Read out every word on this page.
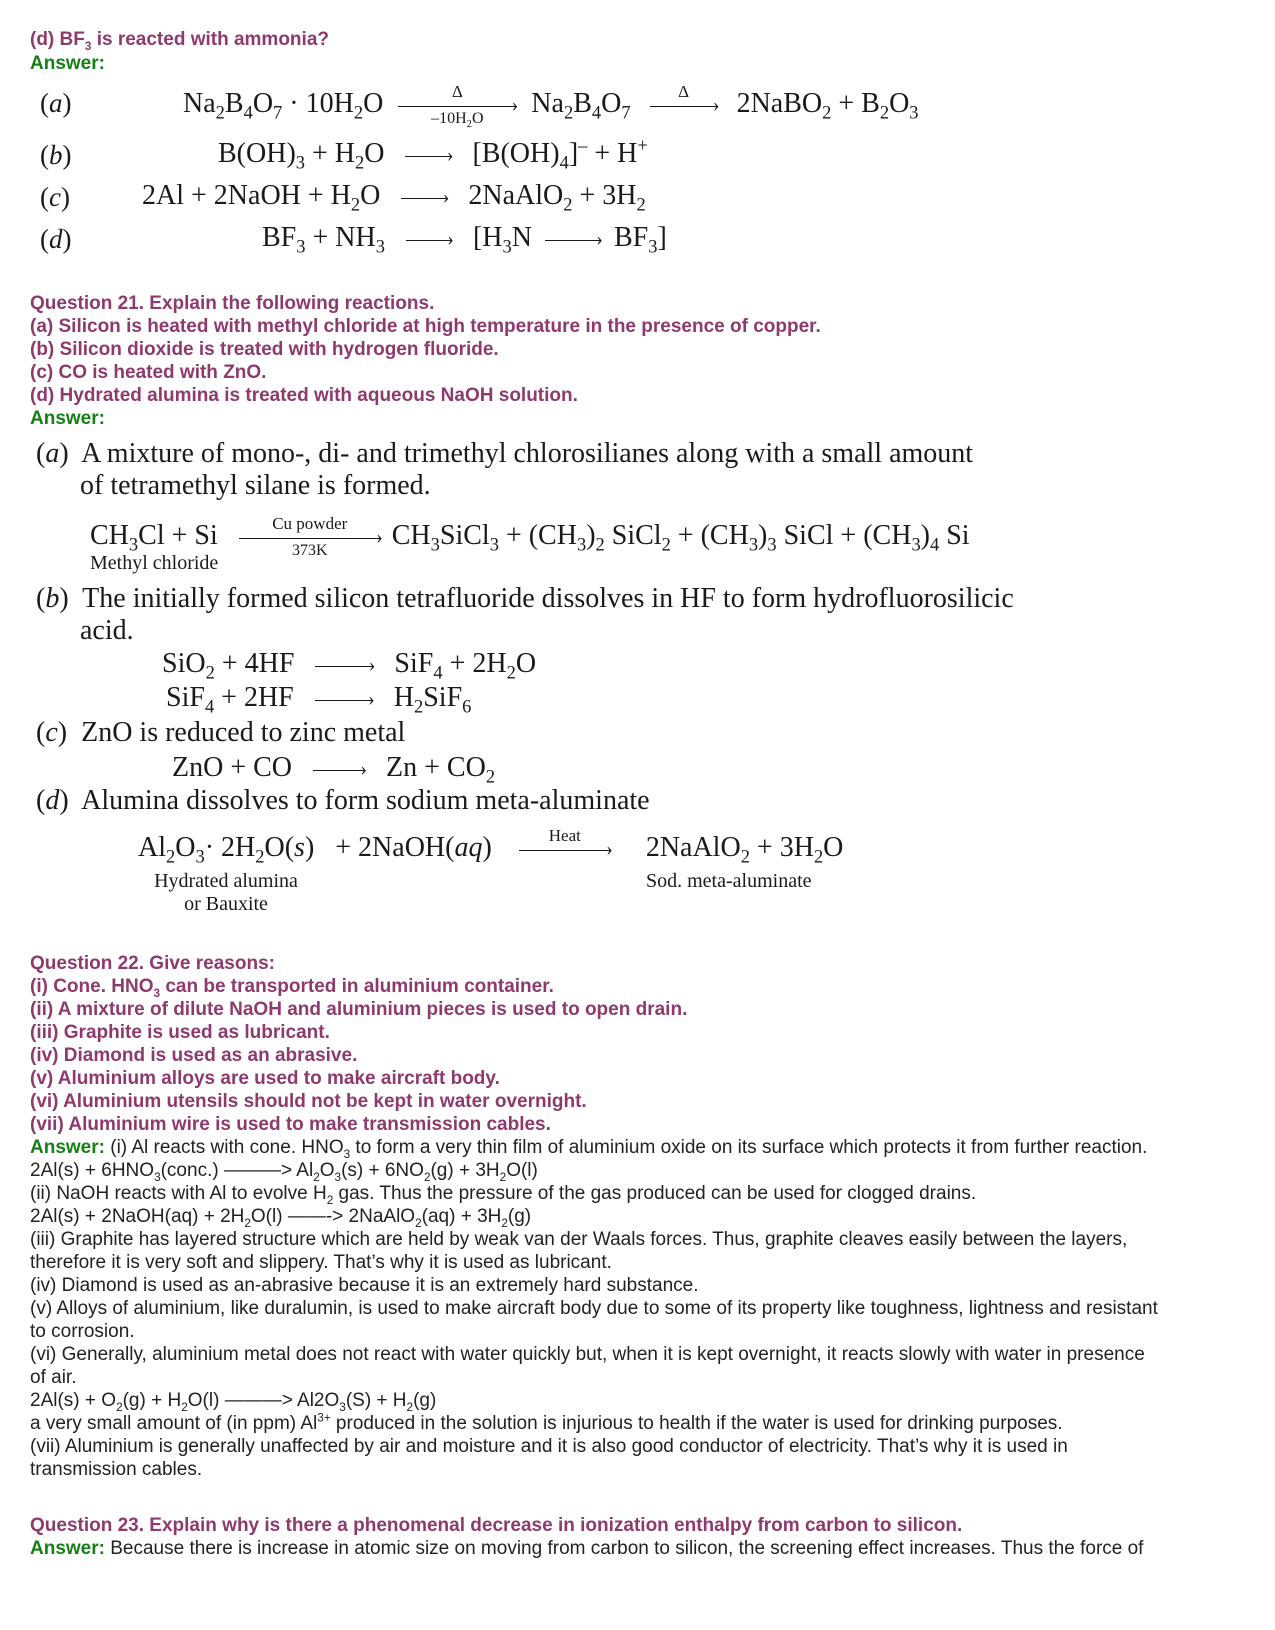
(d) $BF_3$ is reacted with ammonia?
Answer:
(a)	$Na_2B_4O_7 \cdot 10H_2O$	Δ
›
$-10H_2O$	$Na_2B_4O_7$
Δ
› 2NaBO$_2$ + $B_2O_3$
(b)	$B(OH)_3 + H_2O$	› $[B(OH)_4]^- + H^+$
(c)	2Al + 2NaOH + $H_2O$	› 2NaAlO$_2$ + $3H_2$
(d)	$BF_3 + NH_3$	› [$H_3N$	› $BF_3$]
Question 21. Explain the following reactions.
(a) Silicon is heated with methyl chloride at high temperature in the presence of copper.
(b) Silicon dioxide is treated with hydrogen fluoride.
(c) CO is heated with ZnO.
(d) Hydrated alumina is treated with aqueous NaOH solution.
Answer:
(a)  A mixture of mono-, di- and trimethyl chlorosilianes along with a small amount
of tetramethyl silane is formed.
$CH_3Cl + Si$	Cu powder
›
373K	$CH_3SiCl_3 + (CH_3)_2$ SiCl$_2$ + $(CH_3)_3$ SiCl + $(CH_3)_4$ Si
Methyl chloride
(b)  The initially formed silicon tetrafluoride dissolves in HF to form hydrofluorosilicic
acid.
SiO$_2$ + 4HF	› $SiF_4 + 2H_2O$
SiF$_4$ + 2HF	› $H_2SiF_6$
(c)  ZnO is reduced to zinc metal
ZnO + CO	› $Zn + CO_2$
(d)  Alumina dissolves to form sodium meta-aluminate
$Al_2O_3\cdot 2H_2O(s)$ + 2NaOH(aq)	Heat
› 2NaAlO$_2$ + $3H_2O$
Hydrated alumina
or Bauxite
Sod. meta-aluminate
Question 22. Give reasons:
(i) Cone. $HNO_3$ can be transported in aluminium container.
(ii) A mixture of dilute NaOH and aluminium pieces is used to open drain.
(iii) Graphite is used as lubricant.
(iv) Diamond is used as an abrasive.
(v) Aluminium alloys are used to make aircraft body.
(vi) Aluminium utensils should not be kept in water overnight.
(vii) Aluminium wire is used to make transmission cables.
Answer: (i) Al reacts with cone. $HNO_3$ to form a very thin film of aluminium oxide on its surface which protects it from further reaction.
$2Al(s) + 6HNO_3(conc.)$ ———> $Al_2O_3(s) + 6NO_2(g) + 3H_2O(l)$
(ii) NaOH reacts with Al to evolve $H_2$ gas. Thus the pressure of the gas produced can be used for clogged drains.
2Al(s) + 2NaOH(aq) + $2H_2O(l)$ ——-> 2NaAlO$_2$(aq) + $3H_2(g)$
(iii) Graphite has layered structure which are held by weak van der Waals forces. Thus, graphite cleaves easily between the layers,
therefore it is very soft and slippery. That’s why it is used as lubricant.
(iv) Diamond is used as an-abrasive because it is an extremely hard substance.
(v) Alloys of aluminium, like duralumin, is used to make aircraft body due to some of its property like toughness, lightness and resistant
to corrosion.
(vi) Generally, aluminium metal does not react with water quickly but, when it is kept overnight, it reacts slowly with water in presence
of air.
$2Al(s) + O_2(g) + H_2O(l)$ ———> $Al2O_3(S) + H_2(g)$
a very small amount of (in ppm) $Al^{3+}$ produced in the solution is injurious to health if the water is used for drinking purposes.
(vii) Aluminium is generally unaffected by air and moisture and it is also good conductor of electricity. That’s why it is used in
transmission cables.
Question 23. Explain why is there a phenomenal decrease in ionization enthalpy from carbon to silicon.
Answer: Because there is increase in atomic size on moving from carbon to silicon, the screening effect increases. Thus the force of
